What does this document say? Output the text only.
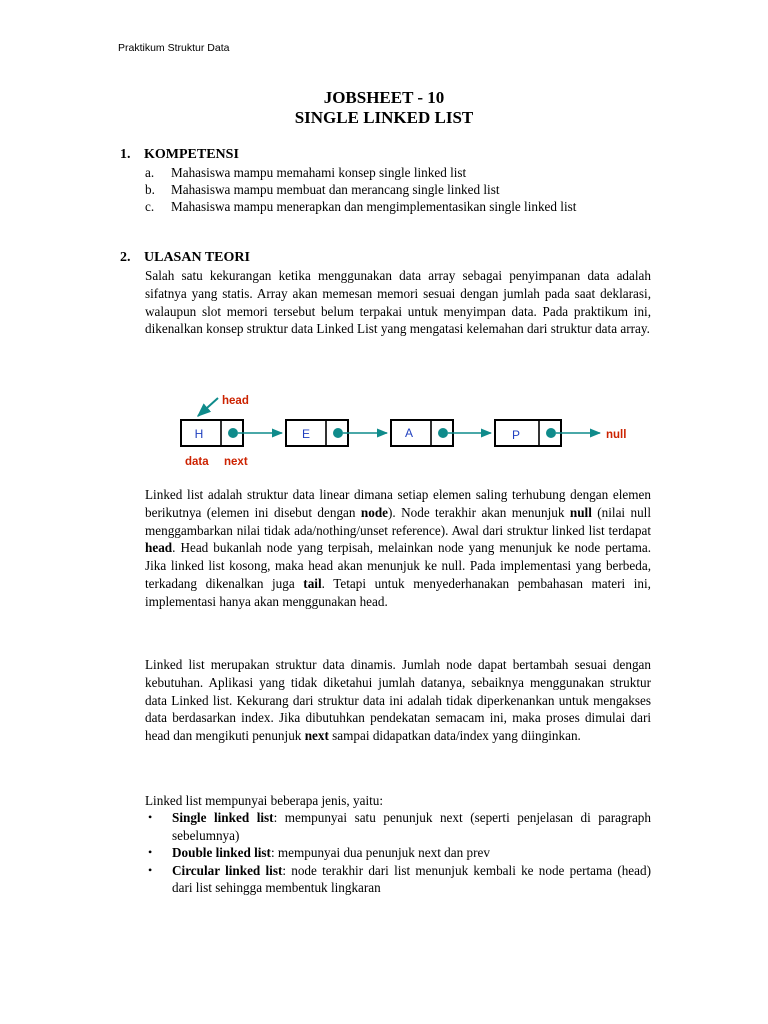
Praktikum Struktur Data
JOBSHEET - 10
SINGLE LINKED LIST
1. KOMPETENSI
a. Mahasiswa mampu memahami konsep single linked list
b. Mahasiswa mampu membuat dan merancang single linked list
c. Mahasiswa mampu menerapkan dan mengimplementasikan single linked list
2. ULASAN TEORI

Salah satu kekurangan ketika menggunakan data array sebagai penyimpanan data adalah sifatnya yang statis. Array akan memesan memori sesuai dengan jumlah pada saat deklarasi, walaupun slot memori tersebut belum terpakai untuk menyimpan data. Pada praktikum ini, dikenalkan konsep struktur data Linked List yang mengatasi kelemahan dari struktur data array.

head
H	E	A	P	null
data next

Linked list adalah struktur data linear dimana setiap elemen saling terhubung dengan elemen berikutnya (elemen ini disebut dengan node). Node terakhir akan menunjuk null (nilai null menggambarkan nilai tidak ada/nothing/unset reference). Awal dari struktur linked list terdapat head. Head bukanlah node yang terpisah, melainkan node yang menunjuk ke node pertama. Jika linked list kosong, maka head akan menunjuk ke null. Pada implementasi yang berbeda, terkadang dikenalkan juga tail. Tetapi untuk menyederhanakan pembahasan materi ini, implementasi hanya akan menggunakan head.

Linked list merupakan struktur data dinamis. Jumlah node dapat bertambah sesuai dengan kebutuhan. Aplikasi yang tidak diketahui jumlah datanya, sebaiknya menggunakan struktur data Linked list. Kekurang dari struktur data ini adalah tidak diperkenankan untuk mengakses data berdasarkan index. Jika dibutuhkan pendekatan semacam ini, maka proses dimulai dari head dan mengikuti penunjuk next sampai didapatkan data/index yang diinginkan.

Linked list mempunyai beberapa jenis, yaitu:

• Single linked list: mempunyai satu penunjuk next (seperti penjelasan di paragraph sebelumnya)
• Double linked list: mempunyai dua penunjuk next dan prev
• Circular linked list: node terakhir dari list menunjuk kembali ke node pertama (head) dari list sehingga membentuk lingkaran
